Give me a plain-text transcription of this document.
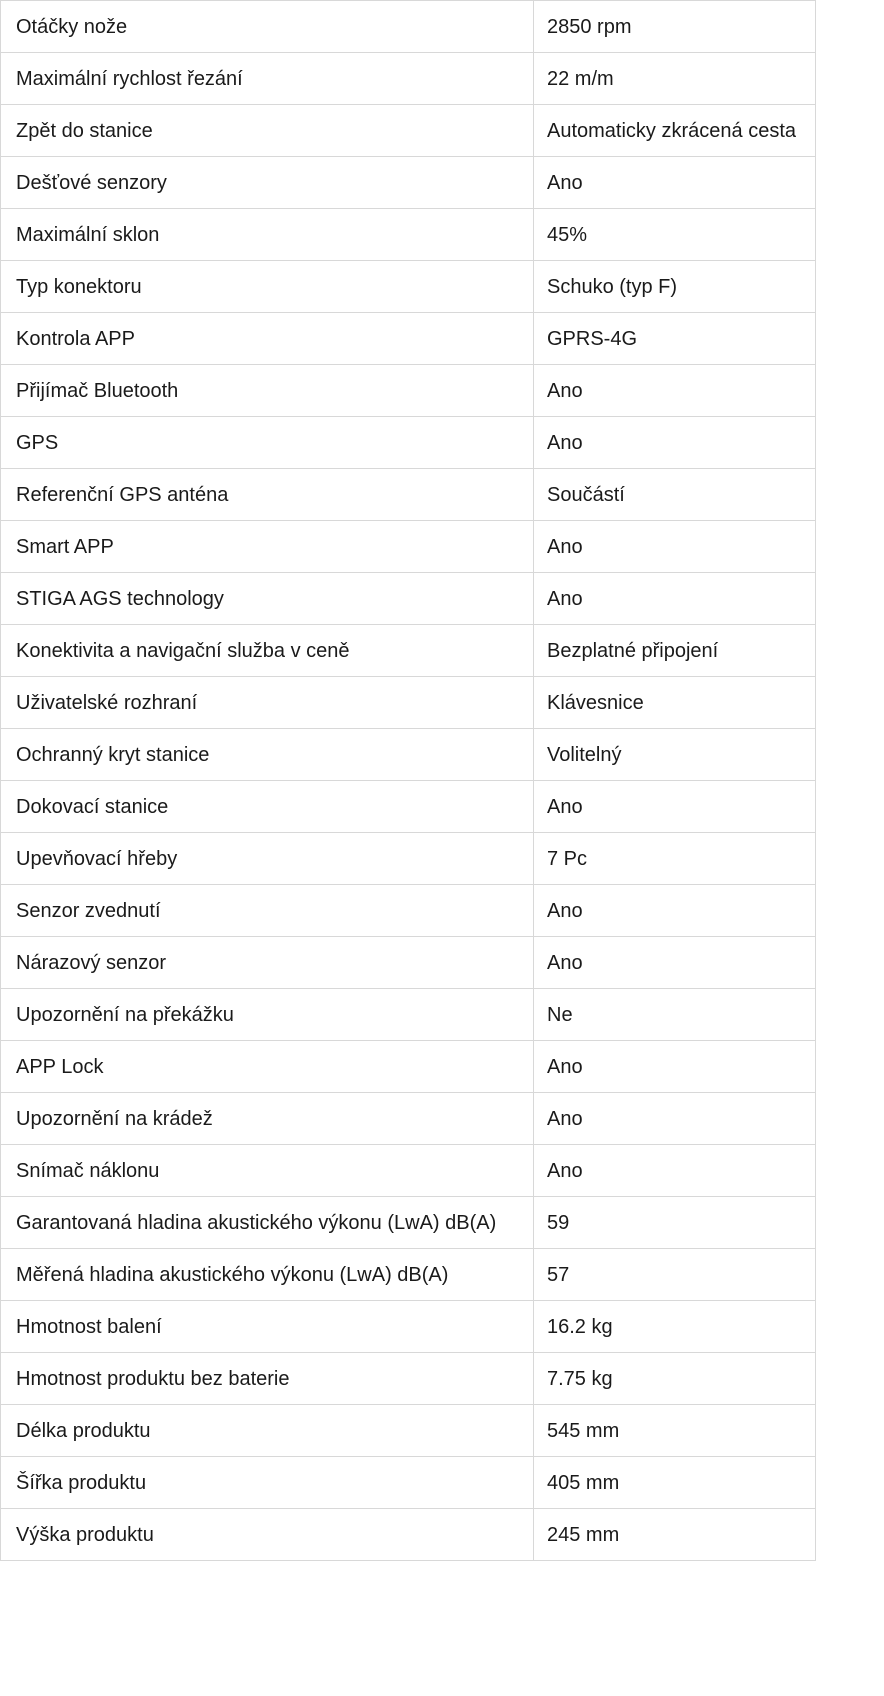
Otáčky nože	2850 rpm
Maximální rychlost řezání	22 m/m
Zpět do stanice	Automaticky zkrácená cesta
Dešťové senzory	Ano
Maximální sklon	45%
Typ konektoru	Schuko (typ F)
Kontrola APP	GPRS-4G
Přijímač Bluetooth	Ano
GPS	Ano
Referenční GPS anténa	Součástí
Smart APP	Ano
STIGA AGS technology	Ano
Konektivita a navigační služba v ceně	Bezplatné připojení
Uživatelské rozhraní	Klávesnice
Ochranný kryt stanice	Volitelný
Dokovací stanice	Ano
Upevňovací hřeby	7 Pc
Senzor zvednutí	Ano
Nárazový senzor	Ano
Upozornění na překážku	Ne
APP Lock	Ano
Upozornění na krádež	Ano
Snímač náklonu	Ano
Garantovaná hladina akustického výkonu (LwA) dB(A)	59
Měřená hladina akustického výkonu (LwA) dB(A)	57
Hmotnost balení	16.2 kg
Hmotnost produktu bez baterie	7.75 kg
Délka produktu	545 mm
Šířka produktu	405 mm
Výška produktu	245 mm
